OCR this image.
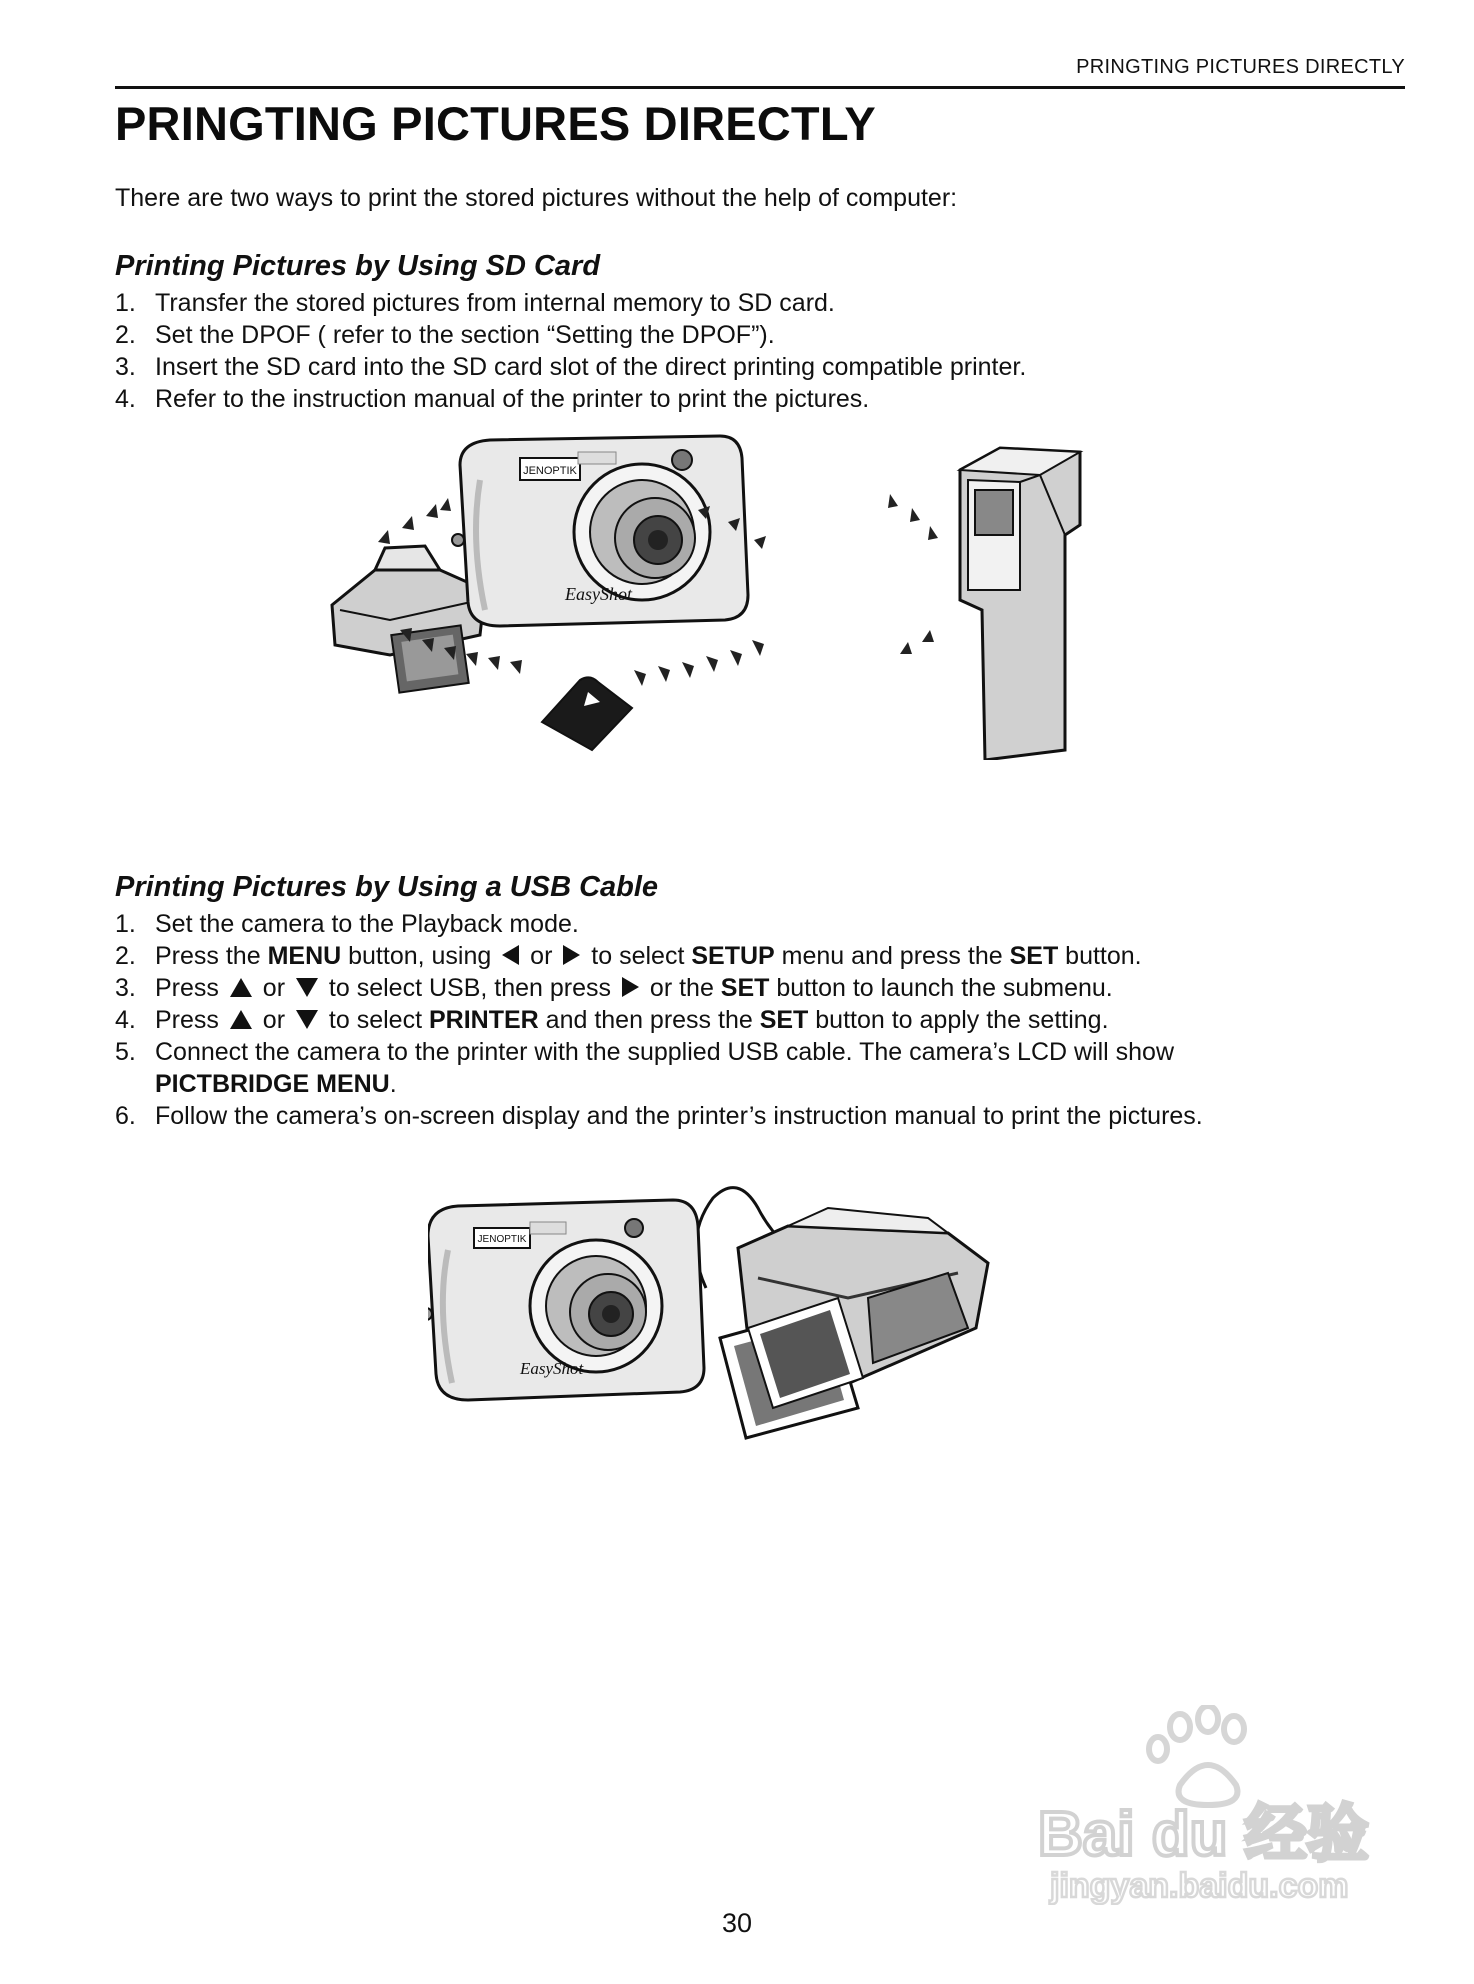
PRINGTING PICTURES DIRECTLY
PRINGTING PICTURES DIRECTLY
There are two ways to print the stored pictures without the help of computer:
Printing Pictures by Using SD Card
1. Transfer the stored pictures from internal memory to SD card.
2. Set the DPOF ( refer to the section “Setting the DPOF”).
3. Insert the SD card into the SD card slot of the direct printing compatible printer.
4. Refer to the instruction manual of the printer to print the pictures.
JENOPTIK
EasyShot
Printing Pictures by Using a USB Cable
1. Set the camera to the Playback mode.
2. Press the MENU button, using  or  to select SETUP menu and press the SET button.
3. Press  or  to select USB, then press  or the SET button to launch the submenu.
4. Press  or  to select PRINTER and then press the SET button to apply the setting.
5. Connect the camera to the printer with the supplied USB cable. The camera’s LCD will show
PICTBRIDGE MENU.
6. Follow the camera’s on-screen display and the printer’s instruction manual to print the pictures.
JENOPTIK
EasyShot
30
Bai du 经验
jingyan.baidu.com
